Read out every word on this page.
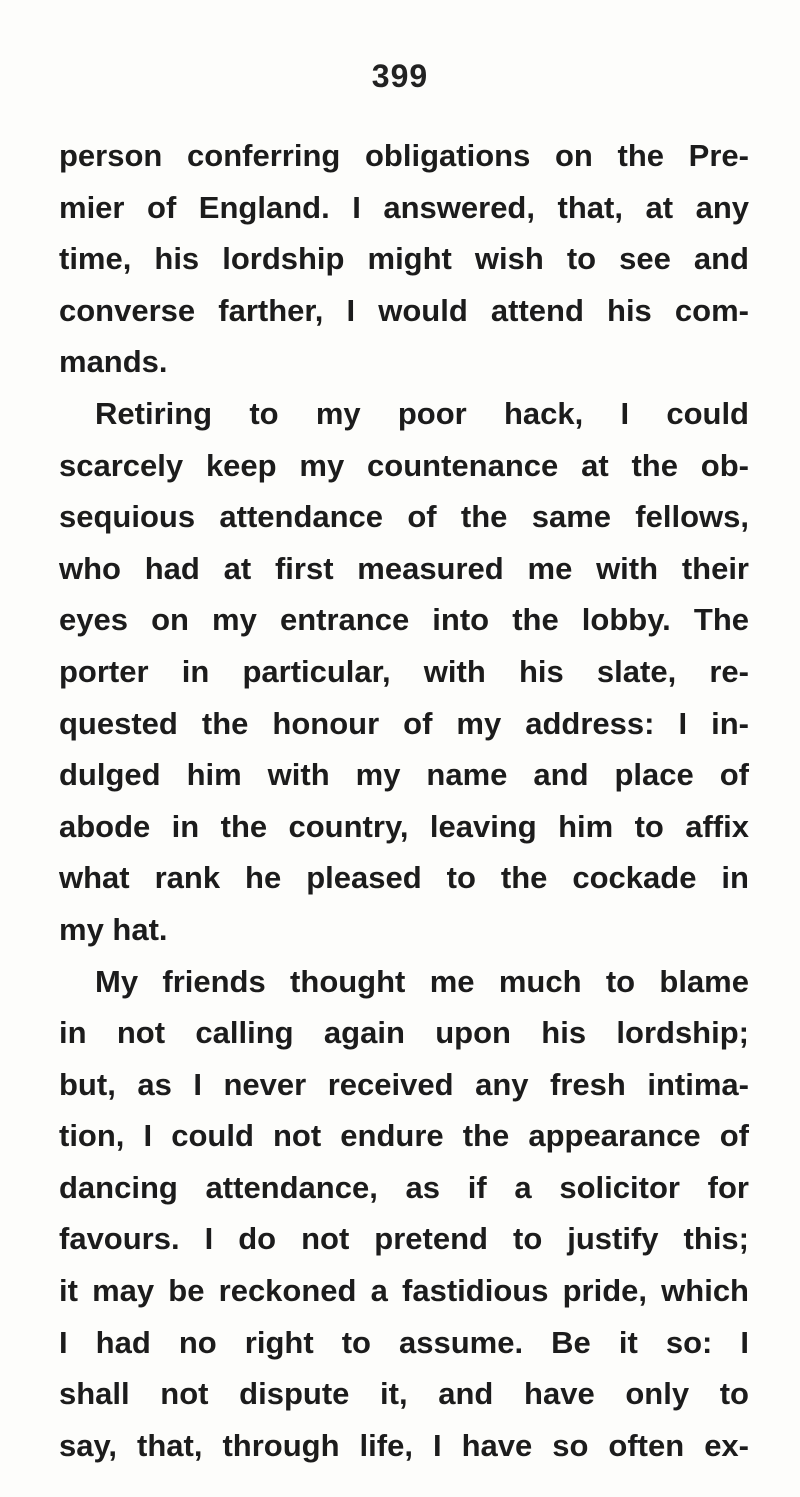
399
person conferring obligations on the Pre-
mier of England. I answered, that, at any
time, his lordship might wish to see and
converse farther, I would attend his com-
mands.
Retiring to my poor hack, I could
scarcely keep my countenance at the ob-
sequious attendance of the same fellows,
who had at first measured me with their
eyes on my entrance into the lobby. The
porter in particular, with his slate, re-
quested the honour of my address: I in-
dulged him with my name and place of
abode in the country, leaving him to affix
what rank he pleased to the cockade in
my hat.
My friends thought me much to blame
in not calling again upon his lordship;
but, as I never received any fresh intima-
tion, I could not endure the appearance of
dancing attendance, as if a solicitor for
favours. I do not pretend to justify this;
it may be reckoned a fastidious pride, which
I had no right to assume. Be it so: I
shall not dispute it, and have only to
say, that, through life, I have so often ex-
